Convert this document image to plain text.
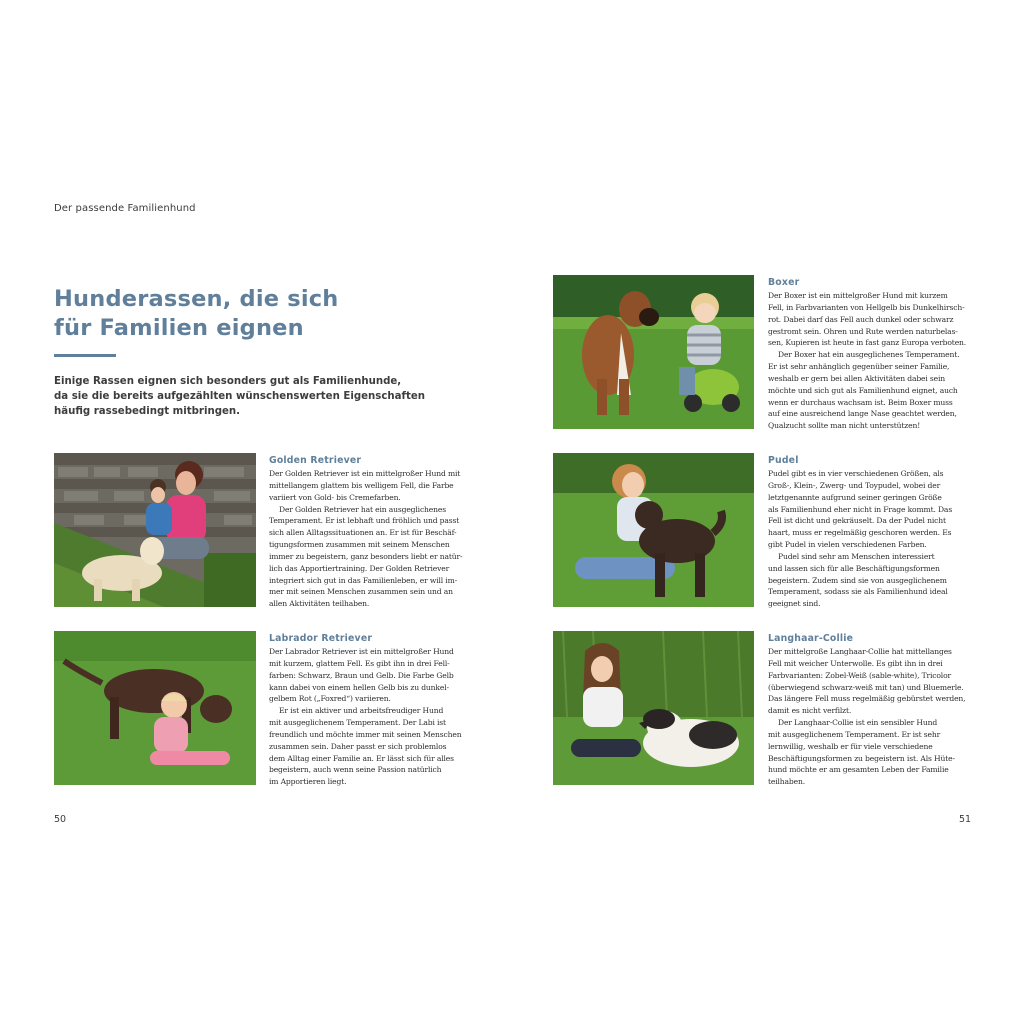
Der passende Familienhund
Hunderassen, die sich
für Familien eignen
Einige Rassen eignen sich besonders gut als Familienhunde,
da sie die bereits aufgezählten wünschenswerten Eigenschaften
häufig rassebedingt mitbringen.
Golden Retriever
Der Golden Retriever ist ein mittelgroßer Hund mit
mittellangem glattem bis welligem Fell, die Farbe
variiert von Gold- bis Cremefarben.
Der Golden Retriever hat ein ausgeglichenes
Temperament. Er ist lebhaft und fröhlich und passt
sich allen Alltagssituationen an. Er ist für Beschäf-
tigungsformen zusammen mit seinem Menschen
immer zu begeistern, ganz besonders liebt er natür-
lich das Apportiertraining. Der Golden Retriever
integriert sich gut in das Familienleben, er will im-
mer mit seinen Menschen zusammen sein und an
allen Aktivitäten teilhaben.
Labrador Retriever
Der Labrador Retriever ist ein mittelgroßer Hund
mit kurzem, glattem Fell. Es gibt ihn in drei Fell-
farben: Schwarz, Braun und Gelb. Die Farbe Gelb
kann dabei von einem hellen Gelb bis zu dunkel-
gelbem Rot („Foxred“) variieren.
Er ist ein aktiver und arbeitsfreudiger Hund
mit ausgeglichenem Temperament. Der Labi ist
freundlich und möchte immer mit seinen Menschen
zusammen sein. Daher passt er sich problemlos
dem Alltag einer Familie an. Er lässt sich für alles
begeistern, auch wenn seine Passion natürlich
im Apportieren liegt.
Boxer
Der Boxer ist ein mittelgroßer Hund mit kurzem
Fell, in Farbvarianten von Hellgelb bis Dunkelhirsch-
rot. Dabei darf das Fell auch dunkel oder schwarz
gestromt sein. Ohren und Rute werden naturbelas-
sen, Kupieren ist heute in fast ganz Europa verboten.
Der Boxer hat ein ausgeglichenes Temperament.
Er ist sehr anhänglich gegenüber seiner Familie,
weshalb er gern bei allen Aktivitäten dabei sein
möchte und sich gut als Familienhund eignet, auch
wenn er durchaus wachsam ist. Beim Boxer muss
auf eine ausreichend lange Nase geachtet werden,
Qualzucht sollte man nicht unterstützen!
Pudel
Pudel gibt es in vier verschiedenen Größen, als
Groß-, Klein-, Zwerg- und Toypudel, wobei der
letztgenannte aufgrund seiner geringen Größe
als Familienhund eher nicht in Frage kommt. Das
Fell ist dicht und gekräuselt. Da der Pudel nicht
haart, muss er regelmäßig geschoren werden. Es
gibt Pudel in vielen verschiedenen Farben.
Pudel sind sehr am Menschen interessiert
und lassen sich für alle Beschäftigungsformen
begeistern. Zudem sind sie von ausgeglichenem
Temperament, sodass sie als Familienhund ideal
geeignet sind.
Langhaar-Collie
Der mittelgroße Langhaar-Collie hat mittellanges
Fell mit weicher Unterwolle. Es gibt ihn in drei
Farbvarianten: Zobel-Weiß (sable-white), Tricolor
(überwiegend schwarz-weiß mit tan) und Bluemerle.
Das längere Fell muss regelmäßig gebürstet werden,
damit es nicht verfilzt.
Der Langhaar-Collie ist ein sensibler Hund
mit ausgeglichenem Temperament. Er ist sehr
lernwillig, weshalb er für viele verschiedene
Beschäftigungsformen zu begeistern ist. Als Hüte-
hund möchte er am gesamten Leben der Familie
teilhaben.
50	51
